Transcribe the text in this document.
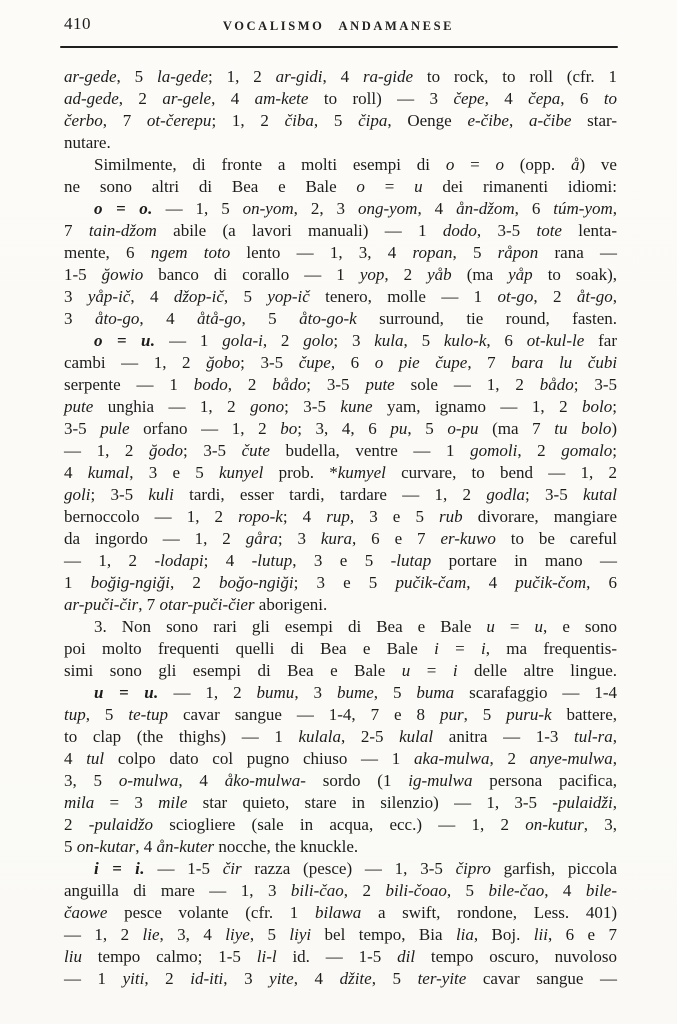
410	VOCALISMO ANDAMANESE
ar-gede, 5 la-gede; 1, 2 ar-gidi, 4 ra-gide to rock, to roll (cfr. 1
ad-gede, 2 ar-gele, 4 am-kete to roll) — 3 čepe, 4 čepa, 6 to
čerbo, 7 ot-čerepu; 1, 2 čiba, 5 čipa, Oenge e-čibe, a-čibe star-
nutare.
Similmente, di fronte a molti esempi di o = o (opp. å) ve
ne sono altri di Bea e Bale o = u dei rimanenti idiomi:
o = o. — 1, 5 on-yom, 2, 3 ong-yom, 4 ån-džom, 6 túm-yom,
7 tain-džom abile (a lavori manuali) — 1 dodo, 3-5 tote lenta-
mente, 6 ngem toto lento — 1, 3, 4 ropan, 5 råpon rana —
1-5 ğowio banco di corallo — 1 yop, 2 yåb (ma yåp to soak),
3 yåp-ič, 4 džop-ič, 5 yop-ič tenero, molle — 1 ot-go, 2 åt-go,
3 åto-go, 4 åtå-go, 5 åto-go-k surround, tie round, fasten.
o = u. — 1 gola-i, 2 golo; 3 kula, 5 kulo-k, 6 ot-kul-le far
cambi — 1, 2 ğobo; 3-5 čupe, 6 o pie čupe, 7 bara lu čubi
serpente — 1 bodo, 2 bådo; 3-5 pute sole — 1, 2 bådo; 3-5
pute unghia — 1, 2 gono; 3-5 kune yam, ignamo — 1, 2 bolo;
3-5 pule orfano — 1, 2 bo; 3, 4, 6 pu, 5 o-pu (ma 7 tu bolo)
— 1, 2 ğodo; 3-5 čute budella, ventre — 1 gomoli, 2 gomalo;
4 kumal, 3 e 5 kunyel prob. *kumyel curvare, to bend — 1, 2
goli; 3-5 kuli tardi, esser tardi, tardare — 1, 2 godla; 3-5 kutal
bernoccolo — 1, 2 ropo-k; 4 rup, 3 e 5 rub divorare, mangiare
da ingordo — 1, 2 gåra; 3 kura, 6 e 7 er-kuwo to be careful
— 1, 2 -lodapi; 4 -lutup, 3 e 5 -lutap portare in mano —
1 boğig-ngiği, 2 boğo-ngiği; 3 e 5 pučik-čam, 4 pučik-čom, 6
ar-puči-čir, 7 otar-puči-čier aborigeni.
3. Non sono rari gli esempi di Bea e Bale u = u, e sono
poi molto frequenti quelli di Bea e Bale i = i, ma frequentis-
simi sono gli esempi di Bea e Bale u = i delle altre lingue.
u = u. — 1, 2 bumu, 3 bume, 5 buma scarafaggio — 1-4
tup, 5 te-tup cavar sangue — 1-4, 7 e 8 pur, 5 puru-k battere,
to clap (the thighs) — 1 kulala, 2-5 kulal anitra — 1-3 tul-ra,
4 tul colpo dato col pugno chiuso — 1 aka-mulwa, 2 anye-mulwa,
3, 5 o-mulwa, 4 åko-mulwa- sordo (1 ig-mulwa persona pacifica,
mila = 3 mile star quieto, stare in silenzio) — 1, 3-5 -pulaidži,
2 -pulaidžo sciogliere (sale in acqua, ecc.) — 1, 2 on-kutur, 3,
5 on-kutar, 4 ån-kuter nocche, the knuckle.
i = i. — 1-5 čir razza (pesce) — 1, 3-5 čipro garfish, piccola
anguilla di mare — 1, 3 bili-čao, 2 bili-čoao, 5 bile-čao, 4 bile-
čaowe pesce volante (cfr. 1 bilawa a swift, rondone, Less. 401)
— 1, 2 lie, 3, 4 liye, 5 liyi bel tempo, Bia lia, Boj. lii, 6 e 7
liu tempo calmo; 1-5 li-l id. — 1-5 dil tempo oscuro, nuvoloso
— 1 yiti, 2 id-iti, 3 yite, 4 džite, 5 ter-yite cavar sangue —
